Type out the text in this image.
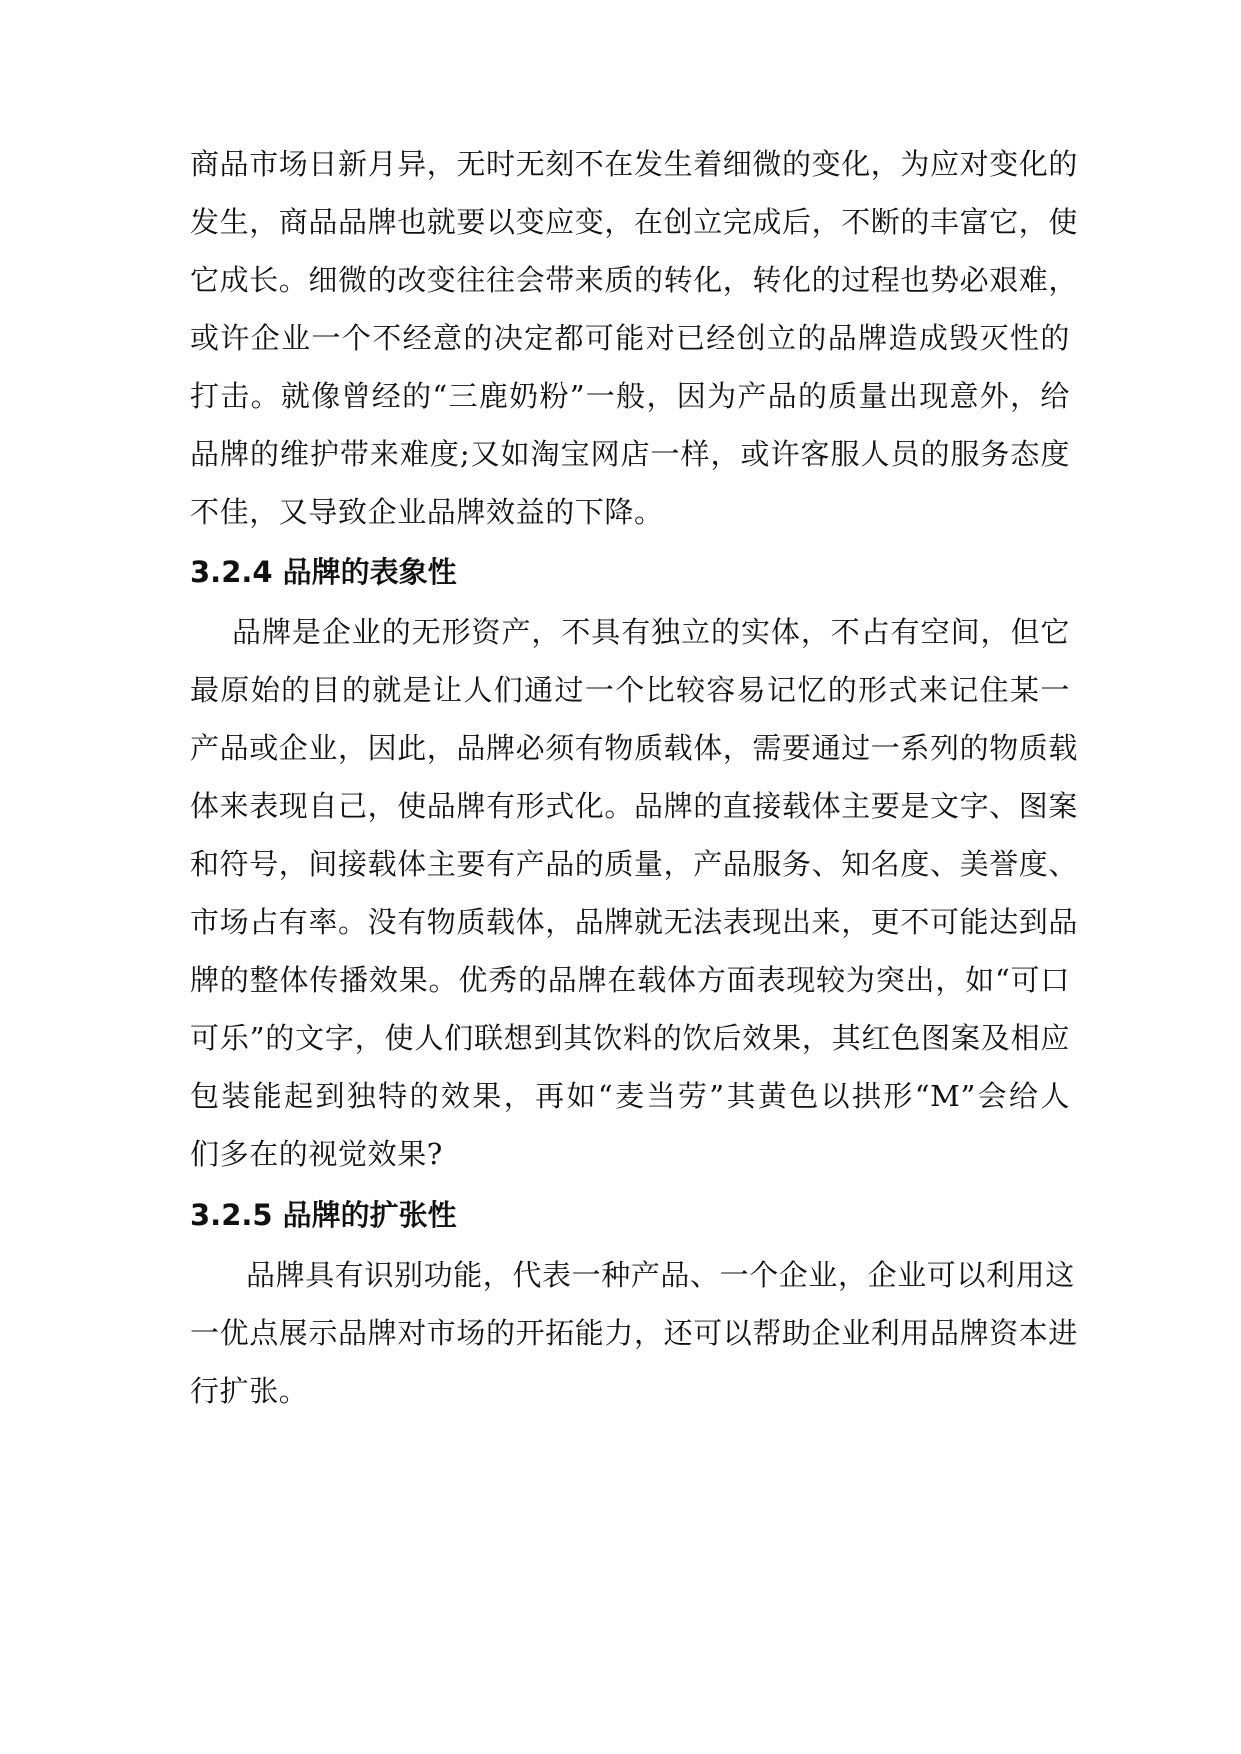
商品市场日新月异，无时无刻不在发生着细微的变化，为应对变化的
发生，商品品牌也就要以变应变，在创立完成后，不断的丰富它，使
它成长。细微的改变往往会带来质的转化，转化的过程也势必艰难，
或许企业一个不经意的决定都可能对已经创立的品牌造成毁灭性的
打击。就像曾经的“三鹿奶粉”一般，因为产品的质量出现意外，给
品牌的维护带来难度;又如淘宝网店一样，或许客服人员的服务态度
不佳，又导致企业品牌效益的下降。
3.2.4 品牌的表象性
品牌是企业的无形资产，不具有独立的实体，不占有空间，但它
最原始的目的就是让人们通过一个比较容易记忆的形式来记住某一
产品或企业，因此，品牌必须有物质载体，需要通过一系列的物质载
体来表现自己，使品牌有形式化。品牌的直接载体主要是文字、图案
和符号，间接载体主要有产品的质量，产品服务、知名度、美誉度、
市场占有率。没有物质载体，品牌就无法表现出来，更不可能达到品
牌的整体传播效果。优秀的品牌在载体方面表现较为突出，如“可口
可乐”的文字，使人们联想到其饮料的饮后效果，其红色图案及相应
包装能起到独特的效果，再如“麦当劳”其黄色以拱形“M”会给人
们多在的视觉效果?
3.2.5 品牌的扩张性
品牌具有识别功能，代表一种产品、一个企业，企业可以利用这
一优点展示品牌对市场的开拓能力，还可以帮助企业利用品牌资本进
行扩张。
